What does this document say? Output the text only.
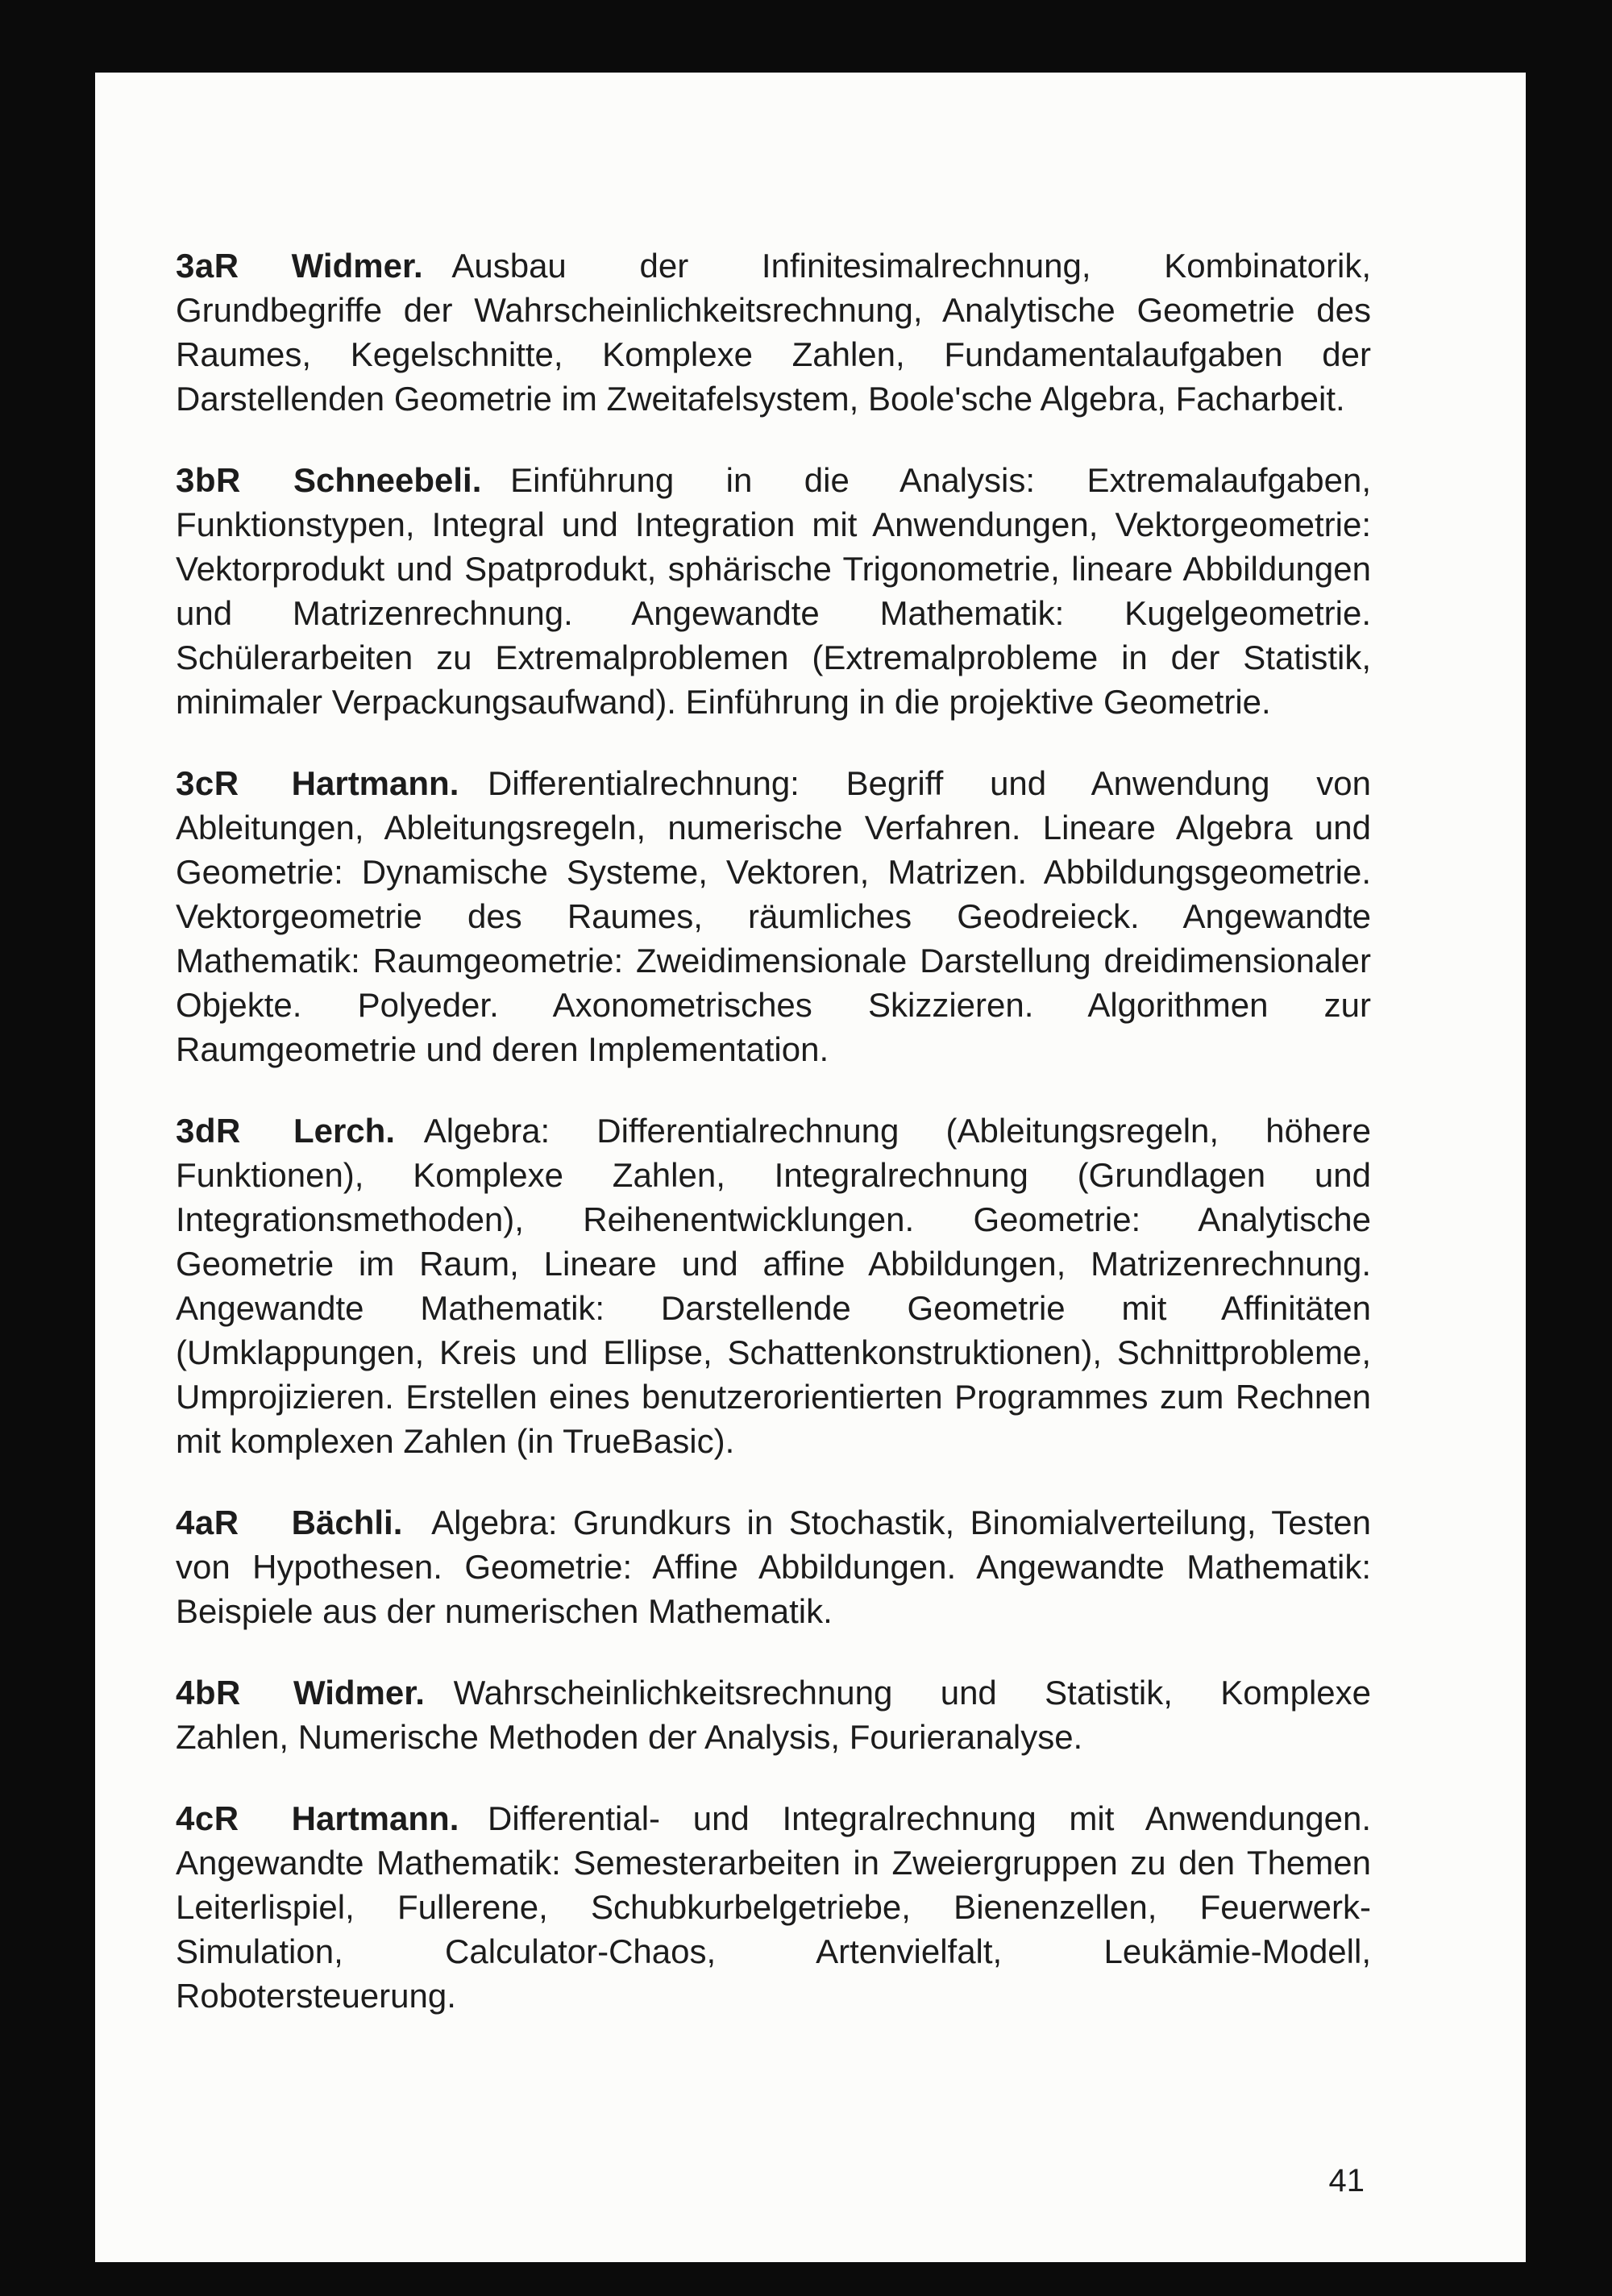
3aR Widmer. Ausbau der Infinitesimalrechnung, Kombinatorik, Grundbegriffe der Wahrscheinlichkeitsrechnung, Analytische Geometrie des Raumes, Kegelschnitte, Komplexe Zahlen, Fundamentalaufgaben der Darstellenden Geometrie im Zweitafelsystem, Boole'sche Algebra, Facharbeit.

3bR Schneebeli. Einführung in die Analysis: Extremalaufgaben, Funktionstypen, Integral und Integration mit Anwendungen, Vektorgeometrie: Vektorprodukt und Spatprodukt, sphärische Trigonometrie, lineare Abbildungen und Matrizenrechnung. Angewandte Mathematik: Kugelgeometrie. Schülerarbeiten zu Extremalproblemen (Extremalprobleme in der Statistik, minimaler Verpackungsaufwand). Einführung in die projektive Geometrie.

3cR Hartmann. Differentialrechnung: Begriff und Anwendung von Ableitungen, Ableitungsregeln, numerische Verfahren. Lineare Algebra und Geometrie: Dynamische Systeme, Vektoren, Matrizen. Abbildungsgeometrie. Vektorgeometrie des Raumes, räumliches Geodreieck. Angewandte Mathematik: Raumgeometrie: Zweidimensionale Darstellung dreidimensionaler Objekte. Polyeder. Axonometrisches Skizzieren. Algorithmen zur Raumgeometrie und deren Implementation.

3dR Lerch. Algebra: Differentialrechnung (Ableitungsregeln, höhere Funktionen), Komplexe Zahlen, Integralrechnung (Grundlagen und Integrationsmethoden), Reihenentwicklungen. Geometrie: Analytische Geometrie im Raum, Lineare und affine Abbildungen, Matrizenrechnung. Angewandte Mathematik: Darstellende Geometrie mit Affinitäten (Umklappungen, Kreis und Ellipse, Schattenkonstruktionen), Schnittprobleme, Umprojizieren. Erstellen eines benutzerorientierten Programmes zum Rechnen mit komplexen Zahlen (in TrueBasic).

4aR Bächli. Algebra: Grundkurs in Stochastik, Binomialverteilung, Testen von Hypothesen. Geometrie: Affine Abbildungen. Angewandte Mathematik: Beispiele aus der numerischen Mathematik.

4bR Widmer. Wahrscheinlichkeitsrechnung und Statistik, Komplexe Zahlen, Numerische Methoden der Analysis, Fourieranalyse.

4cR Hartmann. Differential- und Integralrechnung mit Anwendungen. Angewandte Mathematik: Semesterarbeiten in Zweiergruppen zu den Themen Leiterlispiel, Fullerene, Schubkurbelgetriebe, Bienenzellen, Feuerwerk-Simulation, Calculator-Chaos, Artenvielfalt, Leukämie-Modell, Robotersteuerung.

41
